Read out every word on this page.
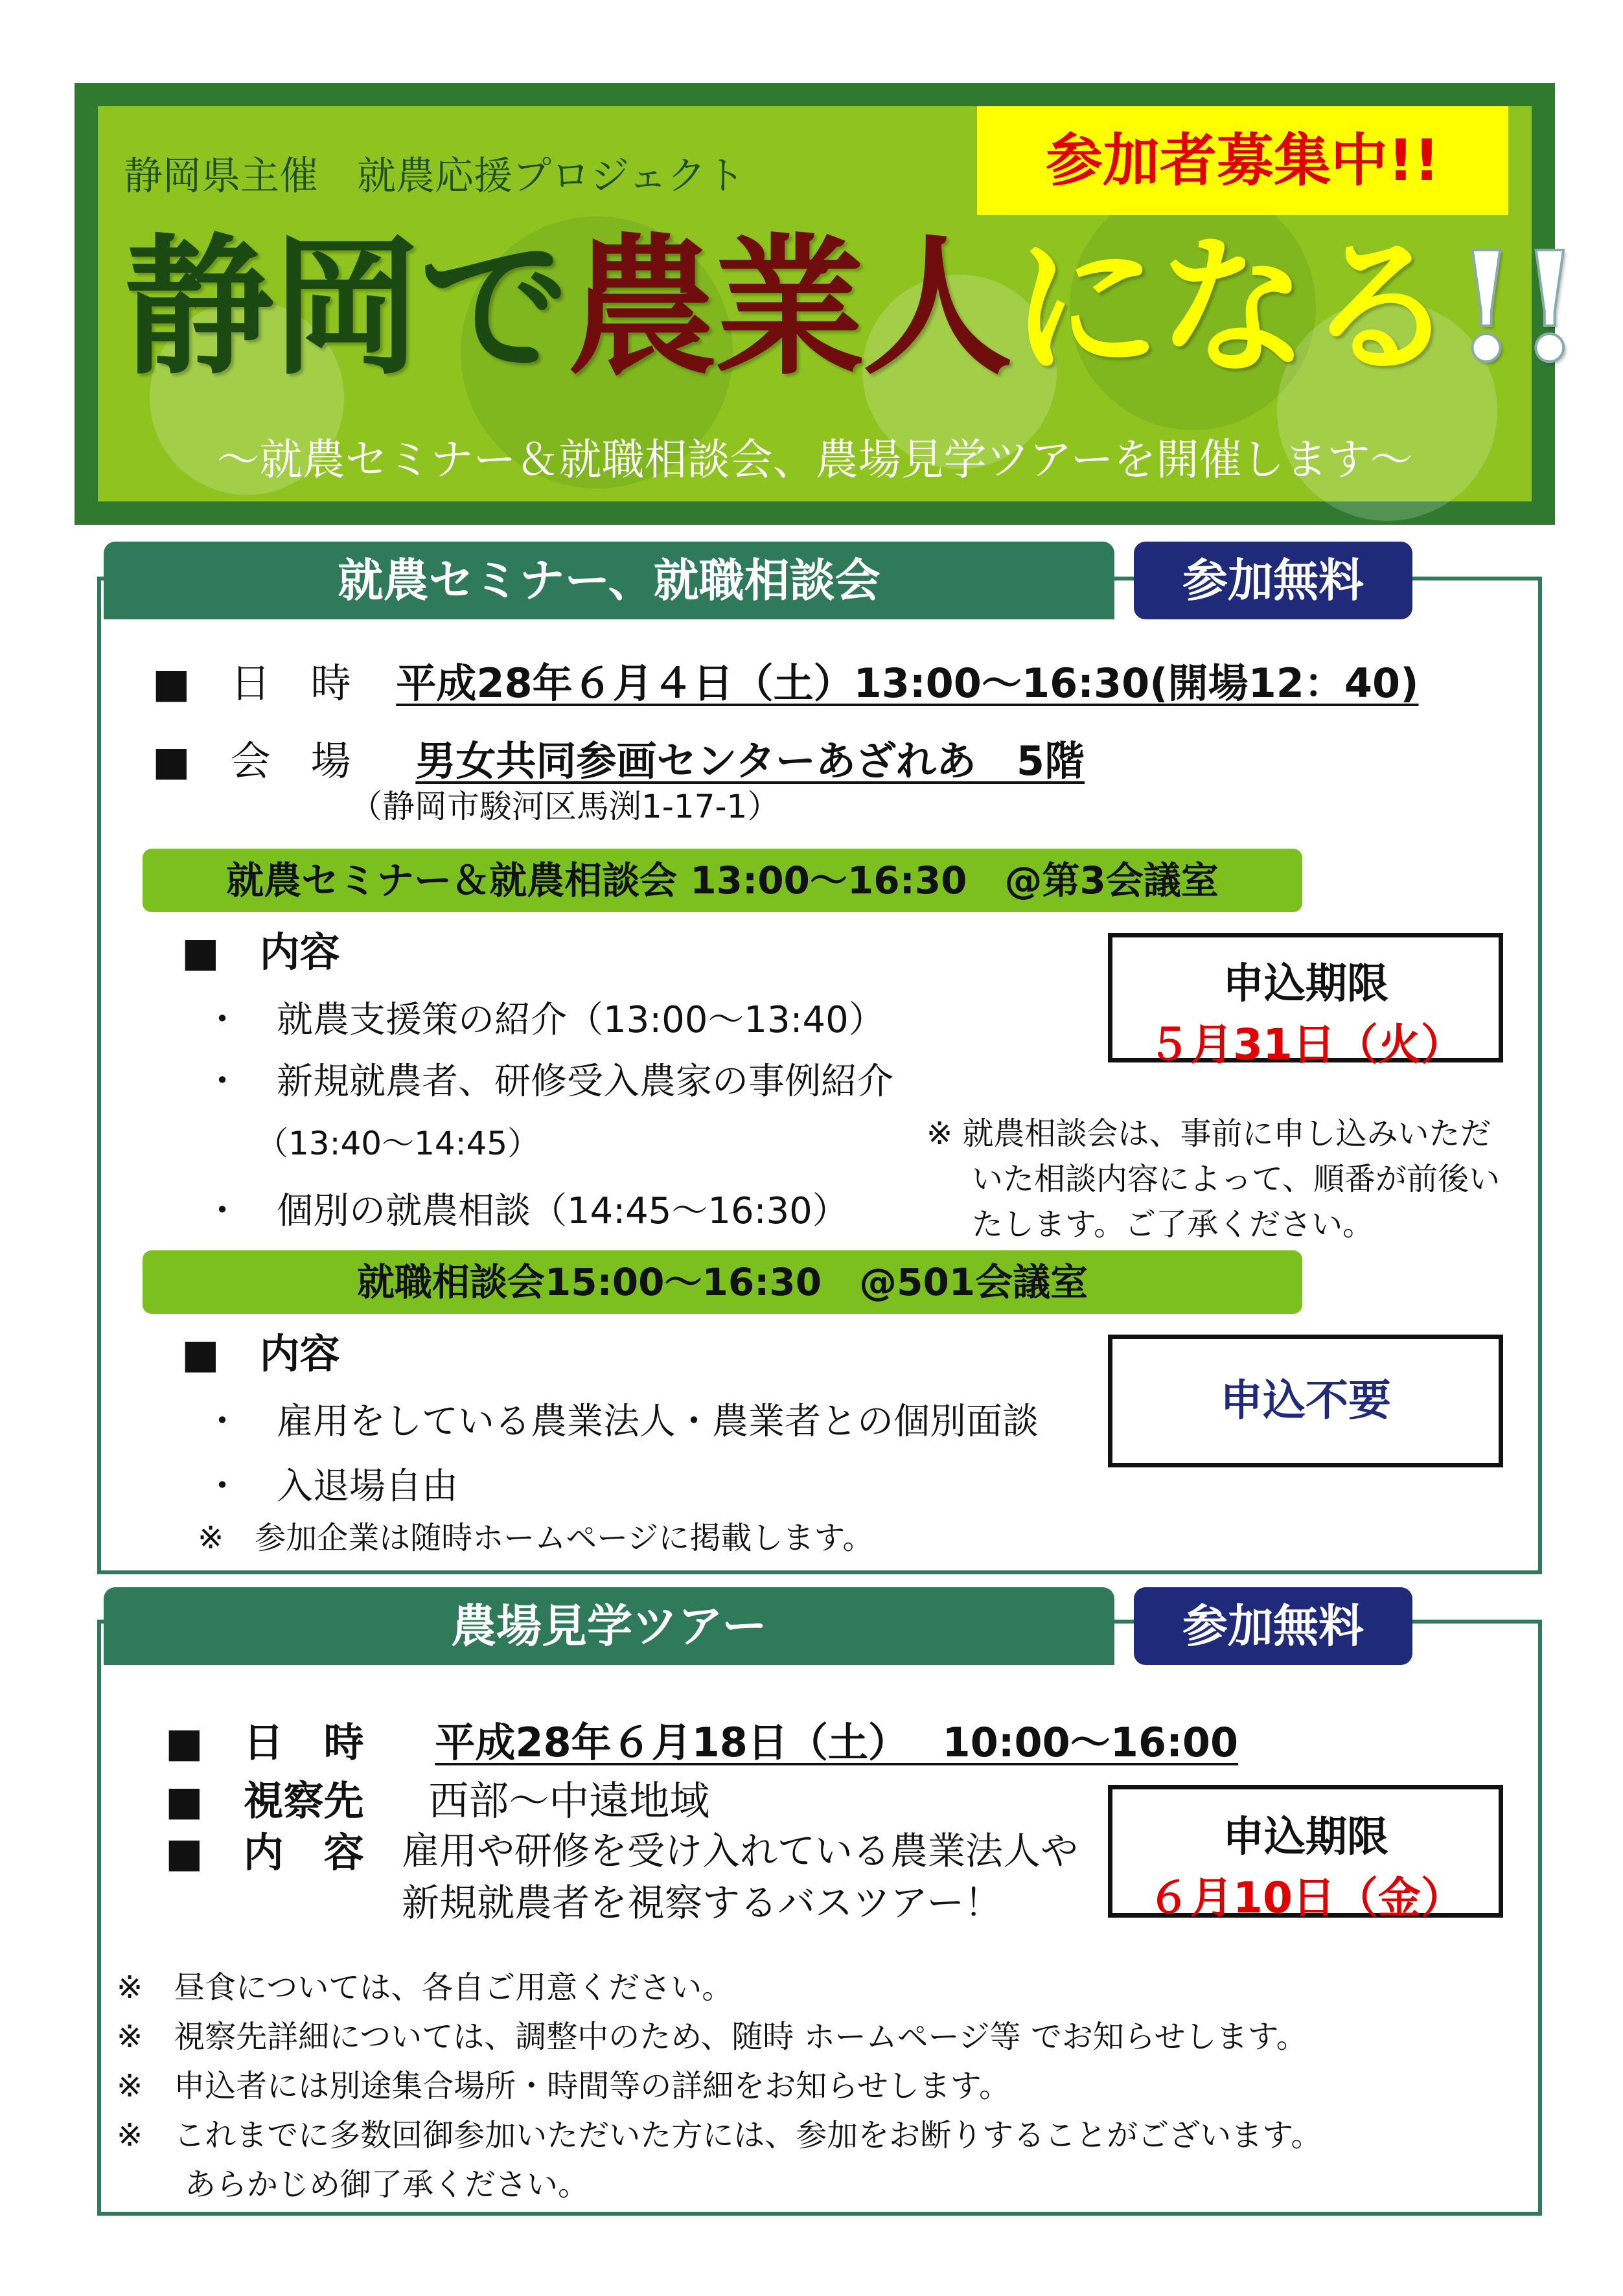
静岡県主催　就農応援プロジェクト	参加者募集中!!
静岡で農業人になる!!
～就農セミナー＆就職相談会、農場見学ツアーを開催します～
就農セミナー、就職相談会	参加無料
■　日　時 平成28年６月４日（土）13:00～16:30(開場12：40)
■　会　場 男女共同参画センターあざれあ　5階
（静岡市駿河区馬渕1-17-1）
就農セミナー＆就農相談会 13:00～16:30　@第3会議室
■　内容
・　就農支援策の紹介（13:00～13:40）
・　新規就農者、研修受入農家の事例紹介
（13:40～14:45）
・　個別の就農相談（14:45～16:30）
申込期限
５月31日（火）
※ 就農相談会は、事前に申し込みいただ
いた相談内容によって、順番が前後い
たします。ご了承ください。
就職相談会15:00～16:30　@501会議室
■　内容
・　雇用をしている農業法人・農業者との個別面談
・　入退場自由
※　参加企業は随時ホームページに掲載します。
申込不要
農場見学ツアー	参加無料
■　日　時 平成28年６月18日（土）　 10:00～16:00
■　視察先 西部～中遠地域
■　内　容 雇用や研修を受け入れている農業法人や
新規就農者を視察するバスツアー！
申込期限
６月10日（金）
※　昼食については、各自ご用意ください。
※　視察先詳細については、調整中のため、随時 ホームページ等 でお知らせします。
※　申込者には別途集合場所・時間等の詳細をお知らせします。
※　これまでに多数回御参加いただいた方には、参加をお断りすることがございます。
あらかじめ御了承ください。
